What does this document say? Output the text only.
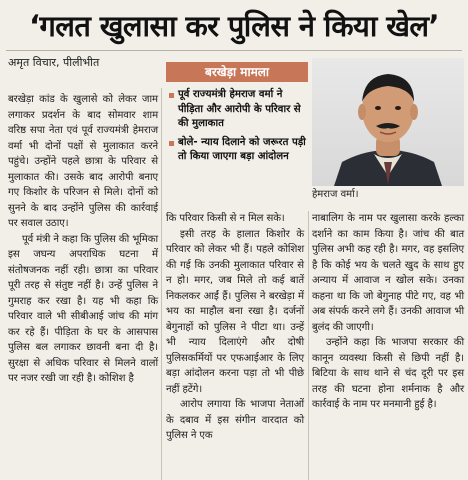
‘गलत खुलासा कर पुलिस ने किया खेल’
अमृत विचार, पीलीभीत

बरखेड़ा कांड के खुलासे को लेकर जाम लगाकर प्रदर्शन के बाद सोमवार शाम वरिष्ठ सपा नेता एवं पूर्व राज्यमंत्री हेमराज वर्मा भी दोनों पक्षों से मुलाकात करने पहुंचे। उन्होंने पहले छात्रा के परिवार से मुलाकात की। उसके बाद आरोपी बनाए गए किशोर के परिजन से मिले। दोनों को सुनने के बाद उन्होंने पुलिस की कार्रवाई पर सवाल उठाए।

पूर्व मंत्री ने कहा कि पुलिस की भूमिका इस जघन्य अपराधिक घटना में संतोषजनक नहीं रही। छात्रा का परिवार पूरी तरह से संतुष्ट नहीं है। उन्हें पुलिस ने गुमराह कर रखा है। यह भी कहा कि परिवार वाले भी सीबीआई जांच की मांग कर रहे हैं। पीड़िता के घर के आसपास पुलिस बल लगाकर छावनी बना दी है। सुरक्षा से अधिक परिवार से मिलने वालों पर नजर रखी जा रही है। कोशिश है

बरखेड़ा मामला
पूर्व राज्यमंत्री हेमराज वर्मा ने पीड़िता और आरोपी के परिवार से की मुलाकात
बोले- न्याय दिलाने को जरूरत पड़ी तो किया जाएगा बड़ा आंदोलन
हेमराज वर्मा।

कि परिवार किसी से न मिल सके।

इसी तरह के हालात किशोर के परिवार को लेकर भी हैं। पहले कोशिश की गई कि उनकी मुलाकात परिवार से न हो। मगर, जब मिले तो कई बातें निकलकर आईं हैं। पुलिस ने बरखेड़ा में भय का माहौल बना रखा है। दर्जनों बेगुनाहों को पुलिस ने पीटा था। उन्हें भी न्याय दिलाएंगे और दोषी पुलिसकर्मियों पर एफआईआर के लिए बड़ा आंदोलन करना पड़ा तो भी पीछे नहीं हटेंगे।

आरोप लगाया कि भाजपा नेताओं के दबाव में इस संगीन वारदात को पुलिस ने एक

नाबालिग के नाम पर खुलासा करके हल्का दर्शाने का काम किया है। जांच की बात पुलिस अभी कह रही है। मगर, वह इसलिए है कि कोई भय के चलते खुद के साथ हुए अन्याय में आवाज न खोल सके। उनका कहना था कि जो बेगुनाह पीटे गए, वह भी अब संपर्क करने लगे हैं। उनकी आवाज भी बुलंद की जाएगी।

उन्होंने कहा कि भाजपा सरकार की कानून व्यवस्था किसी से छिपी नहीं है। बिटिया के साथ थाने से चंद दूरी पर इस तरह की घटना होना शर्मनाक है और कार्रवाई के नाम पर मनमानी हुई है।
